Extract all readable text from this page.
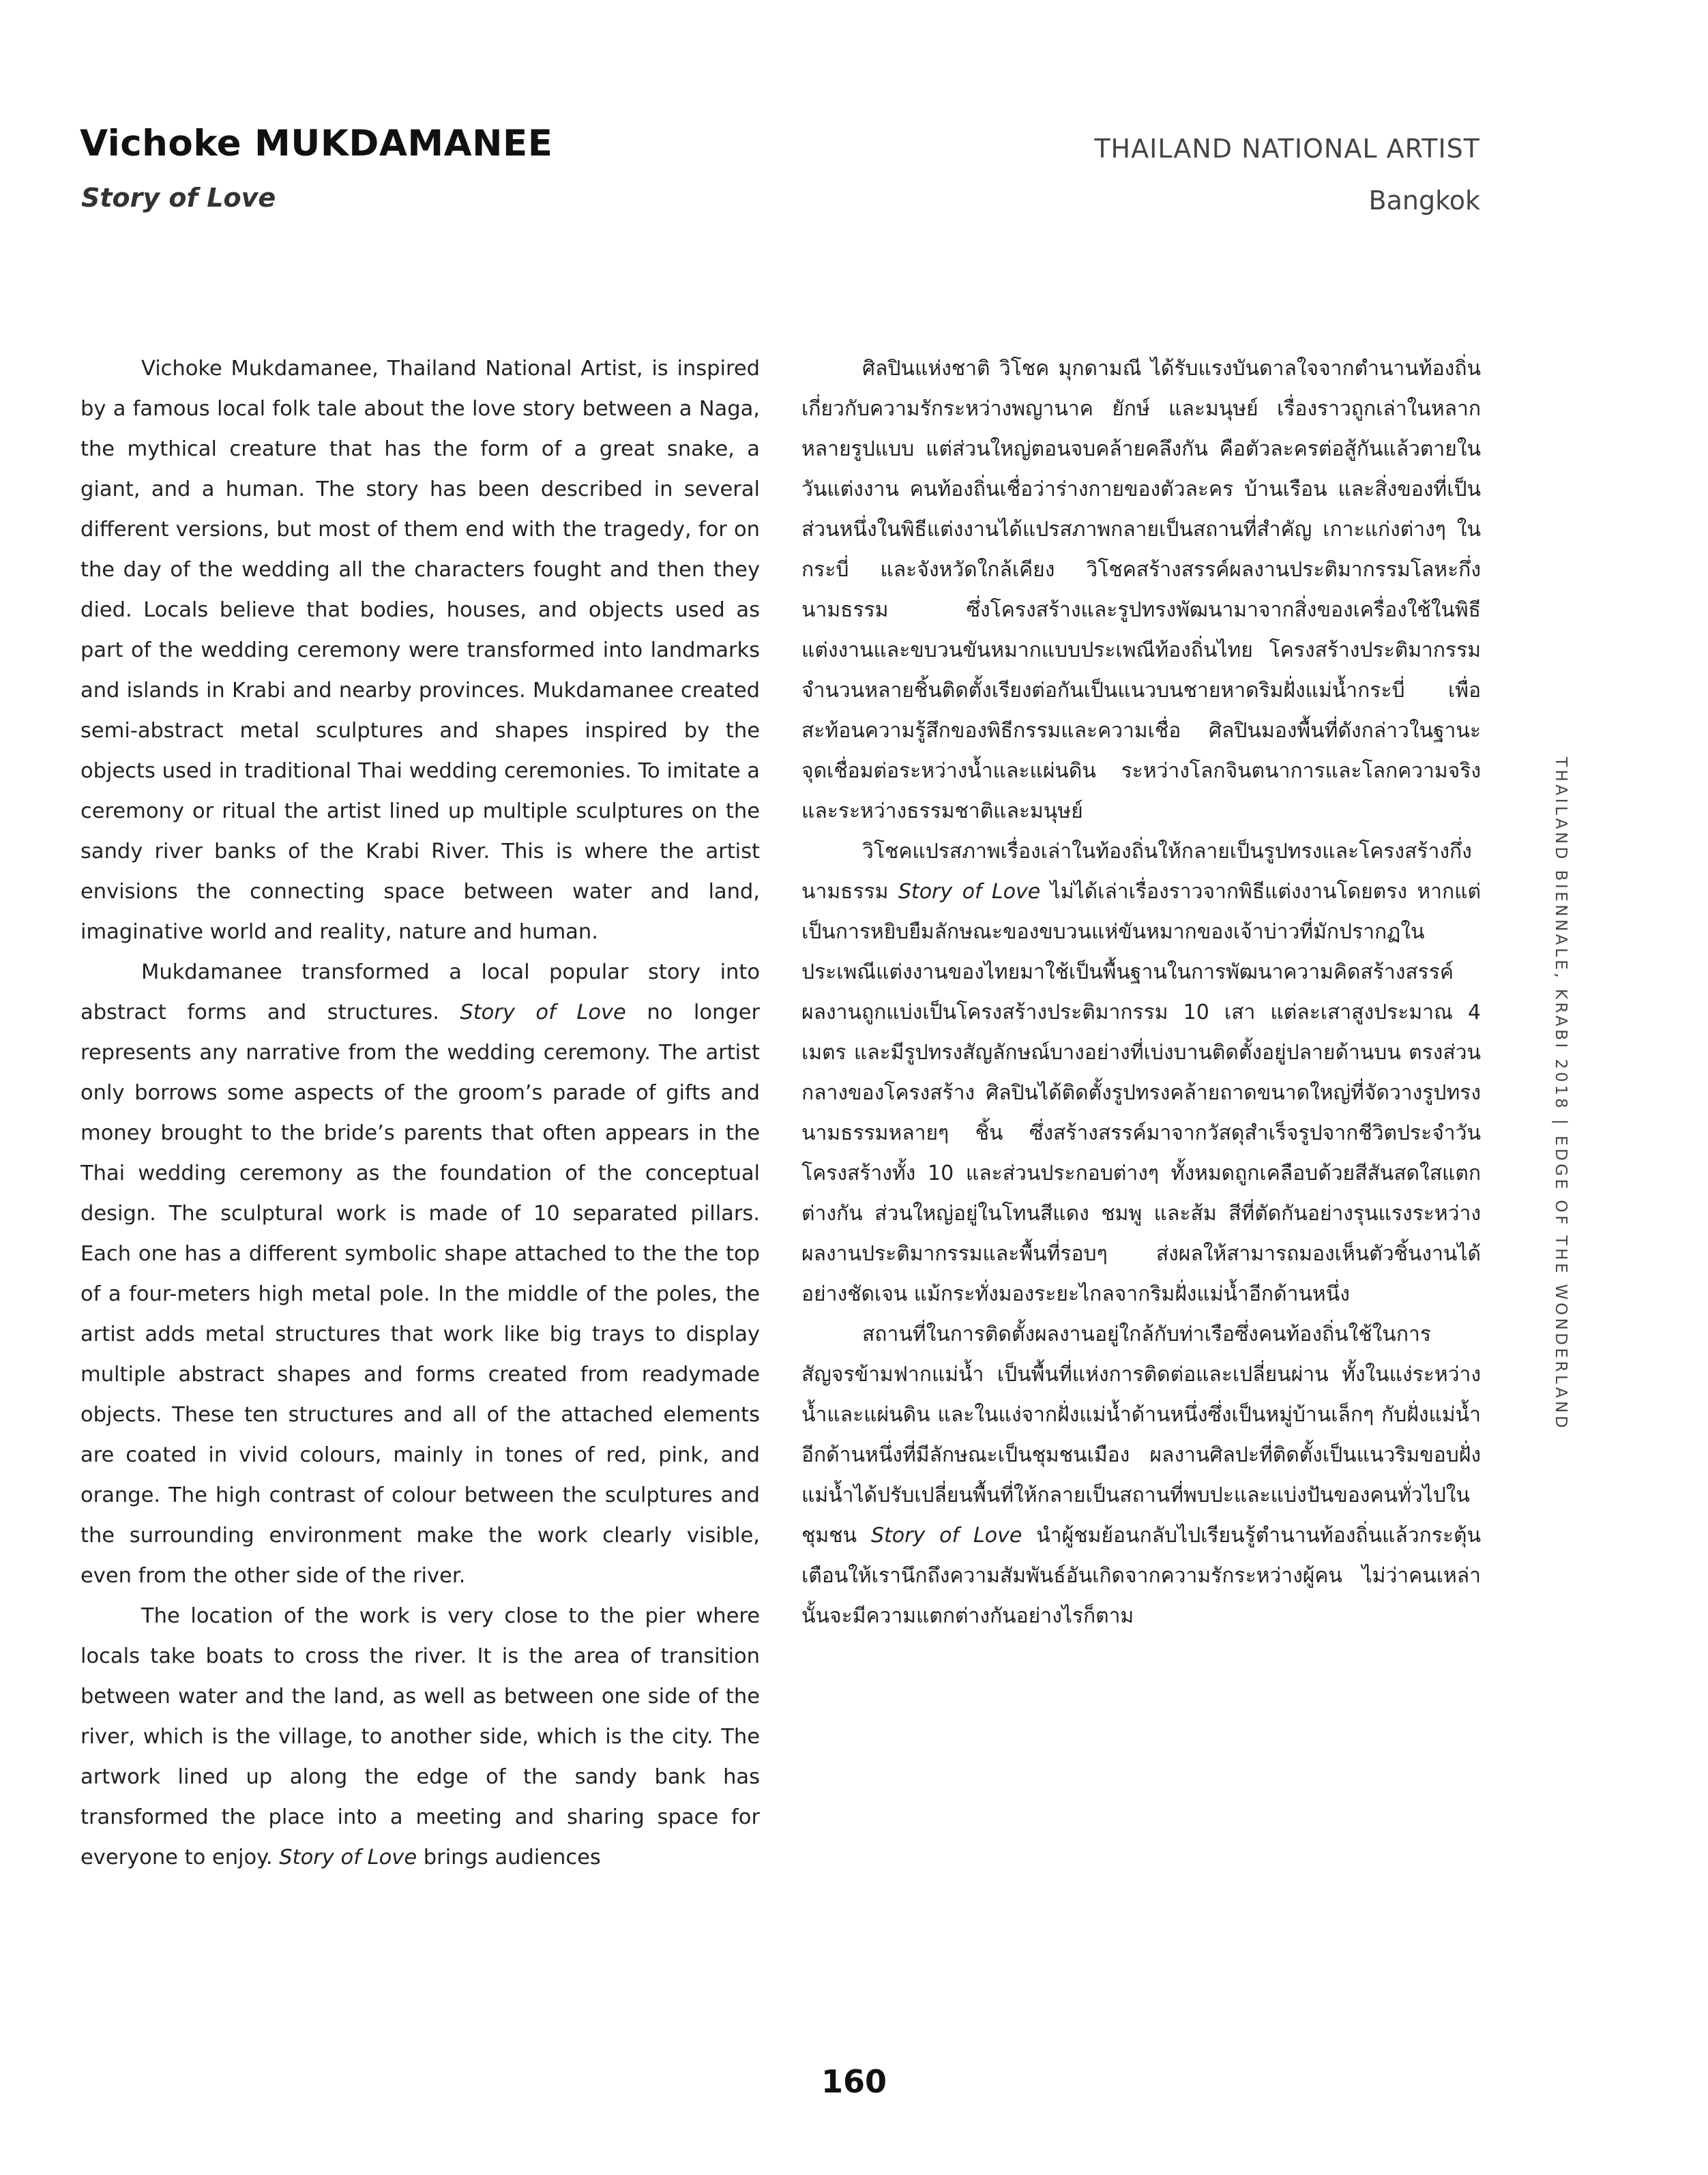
Vichoke MUKDAMANEE
Story of Love
THAILAND NATIONAL ARTIST
Bangkok

Vichoke Mukdamanee, Thailand National Artist, is inspired by a famous local folk tale about the love story between a Naga, the mythical creature that has the form of a great snake, a giant, and a human. The story has been described in several different versions, but most of them end with the tragedy, for on the day of the wedding all the characters fought and then they died. Locals believe that bodies, houses, and objects used as part of the wedding ceremony were transformed into landmarks and islands in Krabi and nearby provinces. Mukdamanee created semi-abstract metal sculptures and shapes inspired by the objects used in traditional Thai wedding ceremonies. To imitate a ceremony or ritual the artist lined up multiple sculptures on the sandy river banks of the Krabi River. This is where the artist envisions the connecting space between water and land, imaginative world and reality, nature and human.

Mukdamanee transformed a local popular story into abstract forms and structures. Story of Love no longer represents any narrative from the wedding ceremony. The artist only borrows some aspects of the groom’s parade of gifts and money brought to the bride’s parents that often appears in the Thai wedding ceremony as the foundation of the conceptual design. The sculptural work is made of 10 separated pillars. Each one has a different symbolic shape attached to the the top of a four-meters high metal pole. In the middle of the poles, the artist adds metal structures that work like big trays to display multiple abstract shapes and forms created from readymade objects. These ten structures and all of the attached elements are coated in vivid colours, mainly in tones of red, pink, and orange. The high contrast of colour between the sculptures and the surrounding environment make the work clearly visible, even from the other side of the river.

The location of the work is very close to the pier where locals take boats to cross the river. It is the area of transition between water and the land, as well as between one side of the river, which is the village, to another side, which is the city. The artwork lined up along the edge of the sandy bank has transformed the place into a meeting and sharing space for everyone to enjoy. Story of Love brings audiences

ศิลปินแห่งชาติ วิโชค มุกดามณี ได้รับแรงบันดาลใจจากตำนานท้องถิ่นเกี่ยวกับความรักระหว่างพญานาค ยักษ์ และมนุษย์ เรื่องราวถูกเล่าในหลากหลายรูปแบบ แต่ส่วนใหญ่ตอนจบคล้ายคลึงกัน คือตัวละครต่อสู้กันแล้วตายในวันแต่งงาน คนท้องถิ่นเชื่อว่าร่างกายของตัวละคร บ้านเรือน และสิ่งของที่เป็นส่วนหนึ่งในพิธีแต่งงานได้แปรสภาพกลายเป็นสถานที่สำคัญ เกาะแก่งต่างๆ ในกระบี่ และจังหวัดใกล้เคียง วิโชคสร้างสรรค์ผลงานประติมากรรมโลหะกึ่งนามธรรม ซึ่งโครงสร้างและรูปทรงพัฒนามาจากสิ่งของเครื่องใช้ในพิธีแต่งงานและขบวนขันหมากแบบประเพณีท้องถิ่นไทย โครงสร้างประติมากรรมจำนวนหลายชิ้นติดตั้งเรียงต่อกันเป็นแนวบนชายหาดริมฝั่งแม่น้ำกระบี่ เพื่อสะท้อนความรู้สึกของพิธีกรรมและความเชื่อ ศิลปินมองพื้นที่ดังกล่าวในฐานะจุดเชื่อมต่อระหว่างน้ำและแผ่นดิน ระหว่างโลกจินตนาการและโลกความจริง และระหว่างธรรมชาติและมนุษย์

วิโชคแปรสภาพเรื่องเล่าในท้องถิ่นให้กลายเป็นรูปทรงและโครงสร้างกึ่งนามธรรม Story of Love ไม่ได้เล่าเรื่องราวจากพิธีแต่งงานโดยตรง หากแต่เป็นการหยิบยืมลักษณะของขบวนแห่ขันหมากของเจ้าบ่าวที่มักปรากฏในประเพณีแต่งงานของไทยมาใช้เป็นพื้นฐานในการพัฒนาความคิดสร้างสรรค์ ผลงานถูกแบ่งเป็นโครงสร้างประติมากรรม 10 เสา แต่ละเสาสูงประมาณ 4 เมตร และมีรูปทรงสัญลักษณ์บางอย่างที่เบ่งบานติดตั้งอยู่ปลายด้านบน ตรงส่วนกลางของโครงสร้าง ศิลปินได้ติดตั้งรูปทรงคล้ายถาดขนาดใหญ่ที่จัดวางรูปทรงนามธรรมหลายๆ ชิ้น ซึ่งสร้างสรรค์มาจากวัสดุสำเร็จรูปจากชีวิตประจำวัน โครงสร้างทั้ง 10 และส่วนประกอบต่างๆ ทั้งหมดถูกเคลือบด้วยสีสันสดใสแตกต่างกัน ส่วนใหญ่อยู่ในโทนสีแดง ชมพู และส้ม สีที่ตัดกันอย่างรุนแรงระหว่างผลงานประติมากรรมและพื้นที่รอบๆ ส่งผลให้สามารถมองเห็นตัวชิ้นงานได้อย่างชัดเจน แม้กระทั่งมองระยะไกลจากริมฝั่งแม่น้ำอีกด้านหนึ่ง

สถานที่ในการติดตั้งผลงานอยู่ใกล้กับท่าเรือซึ่งคนท้องถิ่นใช้ในการสัญจรข้ามฟากแม่น้ำ เป็นพื้นที่แห่งการติดต่อและเปลี่ยนผ่าน ทั้งในแง่ระหว่างน้ำและแผ่นดิน และในแง่จากฝั่งแม่น้ำด้านหนึ่งซึ่งเป็นหมู่บ้านเล็กๆ กับฝั่งแม่น้ำอีกด้านหนึ่งที่มีลักษณะเป็นชุมชนเมือง ผลงานศิลปะที่ติดตั้งเป็นแนวริมขอบฝั่งแม่น้ำได้ปรับเปลี่ยนพื้นที่ให้กลายเป็นสถานที่พบปะและแบ่งปันของคนทั่วไปในชุมชน Story of Love นำผู้ชมย้อนกลับไปเรียนรู้ตำนานท้องถิ่นแล้วกระตุ้นเตือนให้เรานึกถึงความสัมพันธ์อันเกิดจากความรักระหว่างผู้คน ไม่ว่าคนเหล่านั้นจะมีความแตกต่างกันอย่างไรก็ตาม

THAILAND BIENNALE, KRABI 2018 | EDGE OF THE WONDERLAND
160
